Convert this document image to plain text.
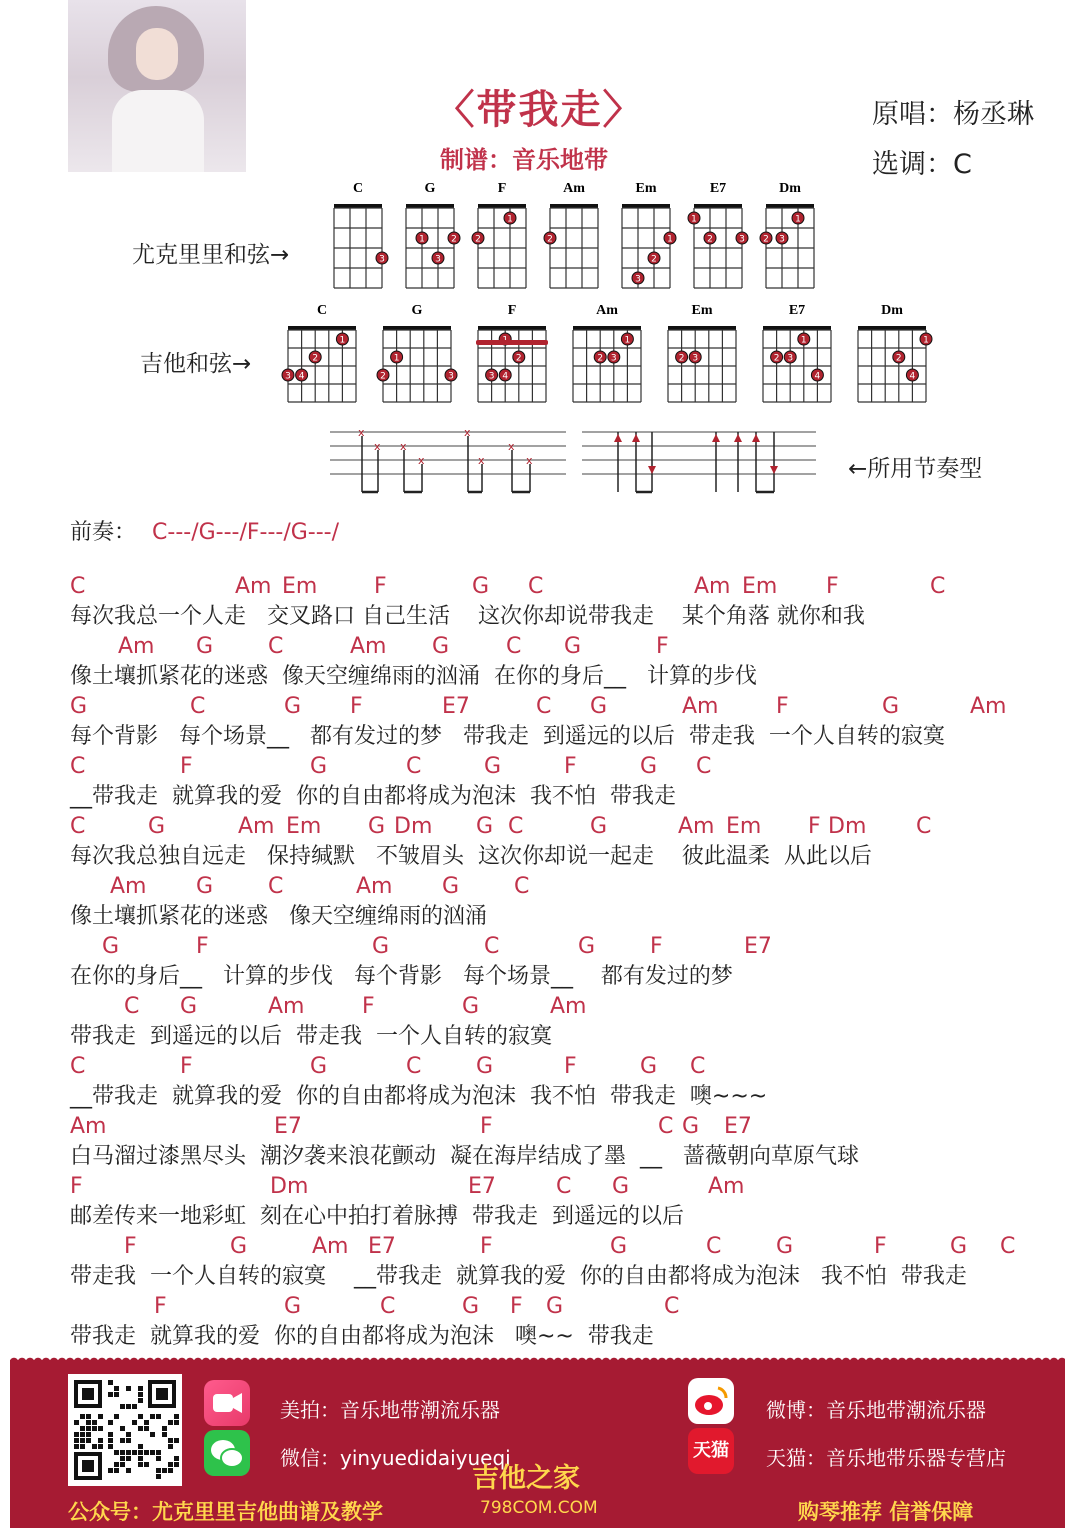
〈带我走〉
制谱：音乐地带
原唱：杨丞琳
选调：C
尤克里里和弦→
吉他和弦→
←所用节奏型
C
3
G
1	2
3
F
2
1
Am
2
Em
1
2
3
E7
1
2	3
Dm
2 3
1
C
1
2
3 4
G
1
2	3
F
2
3 4
Am
1
2 3
Em
2 3
E7
1
2 3
4
Dm
1
2
4
x
x x
x
x
x
x
x
前奏： C---/G---/F---/G---/
C	Am Em	F	G C	Am Em F	C
每次我总一个人走   交叉路口 自己生活    这次你却说带我走    某个角落 就你和我
Am G C	Am G	C G	F
像土壤抓紧花的迷惑  像天空缠绵雨的汹涌  在你的身后__   计算的步伐
G	C	G F	E7	C G	Am	F	G	Am
每个背影   每个场景__   都有发过的梦   带我走  到遥远的以后  带走我  一个人自转的寂寞
C	F	G	C	G	F	G C
__带我走  就算我的爱  你的自由都将成为泡沫  我不怕  带我走
C	G	Am Em G Dm G C	G	Am Em F Dm C
每次我总独自远走   保持缄默   不皱眉头  这次你却说一起走    彼此温柔  从此以后
Am G C	Am G C
像土壤抓紧花的迷惑   像天空缠绵雨的汹涌
G	F	G	C	G F	E7
在你的身后__   计算的步伐   每个背影   每个场景__    都有发过的梦
C G	Am	F	G	Am
带我走  到遥远的以后  带走我  一个人自转的寂寞
C	F	G	C G	F	G C
__带我走  就算我的爱  你的自由都将成为泡沫  我不怕  带我走  噢~~~
Am	E7	F	C G E7
白马溜过漆黑尽头  潮汐袭来浪花颤动  凝在海岸结成了墨  __   蔷薇朝向草原气球
F	Dm	E7	C G	Am
邮差传来一地彩虹  刻在心中拍打着脉搏  带我走  到遥远的以后
F	G	Am E7	F	G	C G	F	G C
带走我  一个人自转的寂寞    __带我走  就算我的爱  你的自由都将成为泡沫   我不怕  带我走
F	G	C	G F G	C
带我走  就算我的爱  你的自由都将成为泡沫   噢~~  带我走
美拍：音乐地带潮流乐器
微信：yinyuedidaiyueqi	天猫
微博：音乐地带潮流乐器
天猫：音乐地带乐器专营店
公众号：尤克里里吉他曲谱及教学
吉他之家
798COM.COM	购琴推荐 信誉保障
